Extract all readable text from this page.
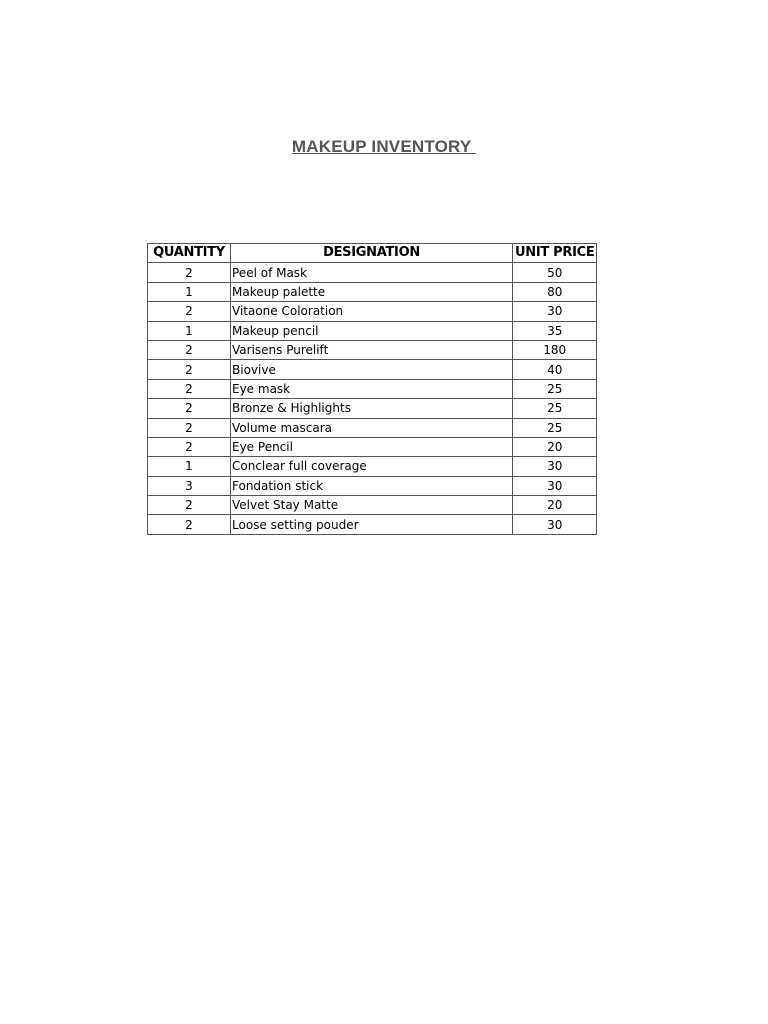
MAKEUP INVENTORY
QUANTITY	DESIGNATION	UNIT PRICE
2	Peel of Mask	50
1	Makeup palette	80
2	Vitaone Coloration	30
1	Makeup pencil	35
2	Varisens Purelift	180
2	Biovive	40
2	Eye mask	25
2	Bronze & Highlights	25
2	Volume mascara	25
2	Eye Pencil	20
1	Conclear full coverage	30
3	Fondation stick	30
2	Velvet Stay Matte	20
2	Loose setting pouder	30
